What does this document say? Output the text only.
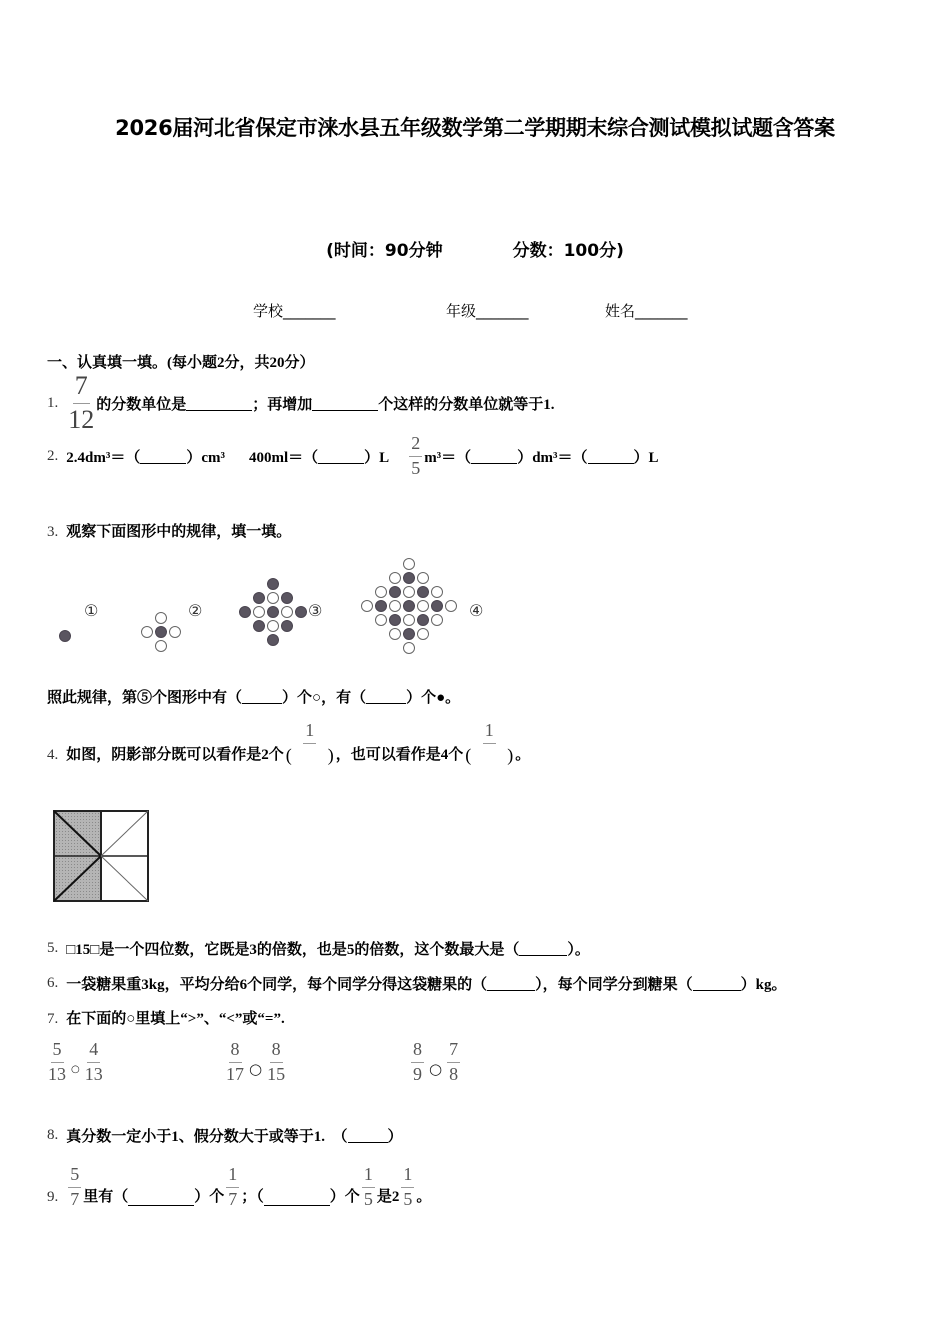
2026届河北省保定市涞水县五年级数学第二学期期末综合测试模拟试题含答案
(时间：90分钟	分数：100分)
学校_______	年级_______	姓名_______
一、认真填一填。(每小题2分，共20分）
1. $\frac{7}{12}$ 的分数单位是	；再增加	个这样的分数单位就等于1.
2. 2.4dm³＝（	）cm³ 400ml＝（	）$L \frac{2}{5} m^3=$（	）dm³＝（	）L
3. 观察下面图形中的规律，填一填。
①	②	③	④
照此规律，第⑤个图形中有（	）个○，有（	）个●。
4. 如图，阴影部分既可以看作是2个 $\frac{1}{( )}$ ，也可以看作是4个 $\frac{1}{( )}$ 。
5. □15□是一个四位数，它既是3的倍数，也是5的倍数，这个数最大是（	）。
6. 一袋糖果重3kg，平均分给6个同学，每个同学分得这袋糖果的（	），每个同学分到糖果（	）kg。
7. 在下面的○里填上“>”、“<”或“=”.
$\frac{5}{13}$ ○ $\frac{4}{13}$	$\frac{8}{17}$ ○ $\frac{8}{15}$	$\frac{8}{9}$ ○ $\frac{7}{8}$
8. 真分数一定小于1、假分数大于或等于1.　（	）
9. $\frac{5}{7}$ 里有（	）个 $\frac{1}{7}$ ；（	）个 $\frac{1}{5}$ 是$2 \frac{1}{5}$ 。
